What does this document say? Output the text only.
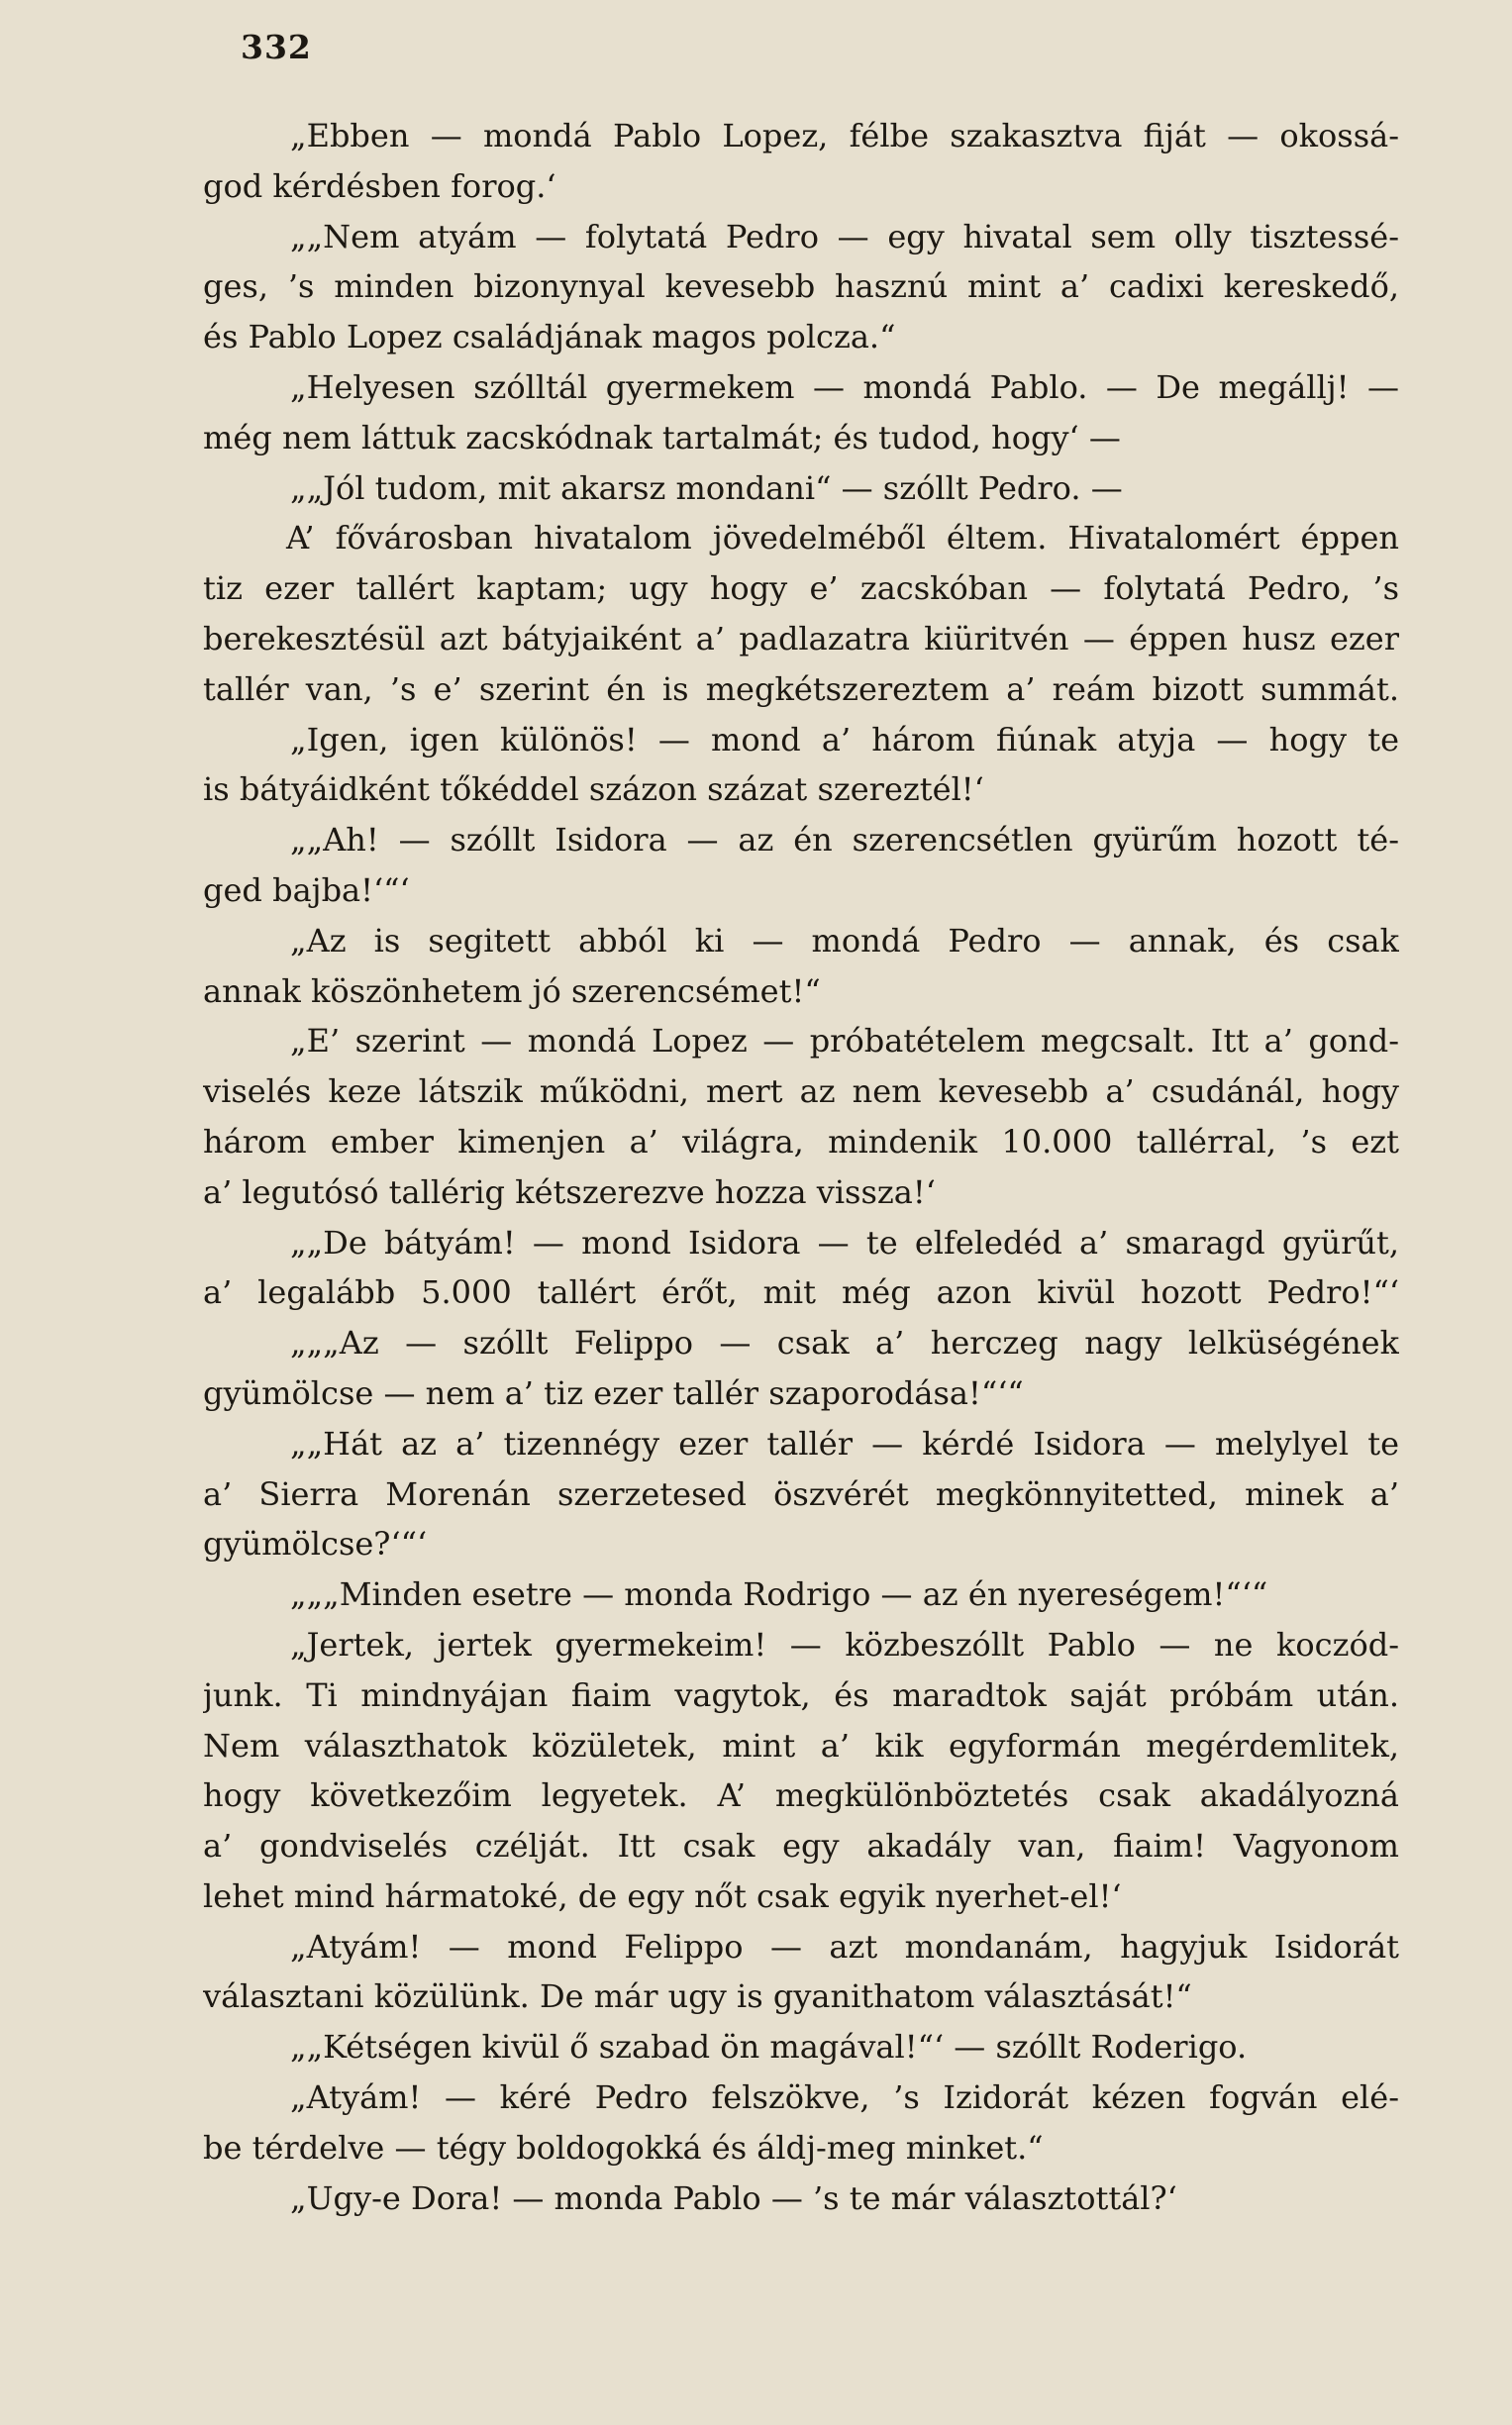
332
„Ebben — mondá Pablo Lopez, félbe szakasztva fiját — okossá-
god kérdésben forog.‘
„„Nem atyám — folytatá Pedro — egy hivatal sem olly tisztessé-
ges, ’s minden bizonynyal kevesebb hasznú mint a’ cadixi kereskedő,
és Pablo Lopez családjának magos polcza.“
„Helyesen szólltál gyermekem — mondá Pablo. — De megállj! —
még nem láttuk zacskódnak tartalmát; és tudod, hogy‘ —
„„Jól tudom, mit akarsz mondani“ — szóllt Pedro. —
A’ fővárosban hivatalom jövedelméből éltem. Hivatalomért éppen
tiz ezer tallért kaptam; ugy hogy e’ zacskóban — folytatá Pedro, ’s
berekesztésül azt bátyjaiként a’ padlazatra kiüritvén — éppen husz ezer
tallér van, ’s e’ szerint én is megkétszereztem a’ reám bizott summát.
„Igen, igen különös! — mond a’ három fiúnak atyja — hogy te
is bátyáidként tőkéddel százon százat szereztél!‘
„„Ah! — szóllt Isidora — az én szerencsétlen gyürűm hozott té-
ged bajba!‘“‘
„Az is segitett abból ki — mondá Pedro — annak, és csak
annak köszönhetem jó szerencsémet!“
„E’ szerint — mondá Lopez — próbatételem megcsalt. Itt a’ gond-
viselés keze látszik működni, mert az nem kevesebb a’ csudánál, hogy
három ember kimenjen a’ világra, mindenik 10.000 tallérral, ’s ezt
a’ legutósó tallérig kétszerezve hozza vissza!‘
„„De bátyám! — mond Isidora — te elfeledéd a’ smaragd gyürűt,
a’ legalább 5.000 tallért érőt, mit még azon kivül hozott Pedro!“‘
„„„Az — szóllt Felippo — csak a’ herczeg nagy lelküségének
gyümölcse — nem a’ tiz ezer tallér szaporodása!“‘“
„„Hát az a’ tizennégy ezer tallér — kérdé Isidora — melylyel te
a’ Sierra Morenán szerzetesed öszvérét megkönnyitetted, minek a’
gyümölcse?‘“‘
„„„Minden esetre — monda Rodrigo — az én nyereségem!“‘“
„Jertek, jertek gyermekeim! — közbeszóllt Pablo — ne koczód-
junk. Ti mindnyájan fiaim vagytok, és maradtok saját próbám után.
Nem választhatok közületek, mint a’ kik egyformán megérdemlitek,
hogy következőim legyetek. A’ megkülönböztetés csak akadályozná
a’ gondviselés czélját. Itt csak egy akadály van, fiaim! Vagyonom
lehet mind hármatoké, de egy nőt csak egyik nyerhet-el!‘
„Atyám! — mond Felippo — azt mondanám, hagyjuk Isidorát
választani közülünk. De már ugy is gyanithatom választását!“
„„Kétségen kivül ő szabad ön magával!“‘ — szóllt Roderigo.
„Atyám! — kéré Pedro felszökve, ’s Izidorát kézen fogván elé-
be térdelve — tégy boldogokká és áldj-meg minket.“
„Ugy-e Dora! — monda Pablo — ’s te már választottál?‘
